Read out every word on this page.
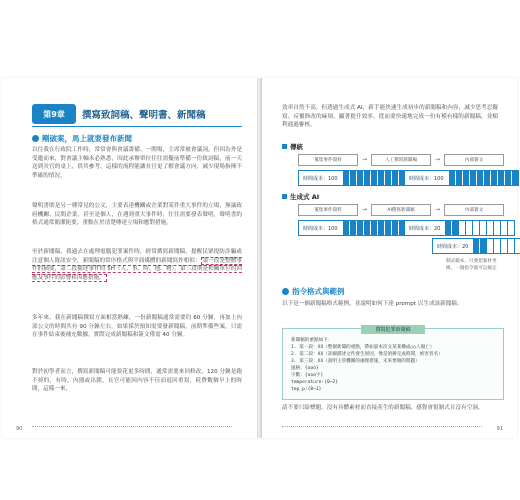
第9章	撰寫致詞稿、聲明書、新聞稿
剛破案，馬上就要發布新聞
以往我在行政院工作時，常常會與會議籌備、一開場，主席常被會議詞，但因為外是受邀而來，對會議主軸未必熟悉，因此承辦單位往往需擬前準備一份致詞稿，前一天送到長官的桌上，供其參考，這樣的流程能讓長官更了解會議方向，減少現場指揮不準確的情況。
聲明書則是另一種常見的公文，主要表達機關或企業對某件重大事件的立場，無論政府機關、民間企業，甚至是個人，在遇到重大事件時，往往需要發表聲明，聲明書的格式通常簡潔扼要，重點在於清楚傳達立場和應對措施。
至於新聞稿，我過去在處理電腦犯罪案件時，經常撰寫新聞稿，提醒民眾提防詐騙或注意個人資訊安全，新聞稿的常序格式與平面媒體的新聞寫作相似： 第一段是整體事件的摘要，第二段描述事件的 5H（人、事、時、地、物），第三段則是相關單位的回應及事件的影響和因應措施。
多年來，我在新聞稿撰寫方面相當熟練，一份新聞稿通常需要約 60 分鐘，再加上內部公文的時間共有 90 分鐘左右，如果採於預知需要發新聞稿，前期準備些案，只需在事件結束後補充數據，實際完成新聞稿和簽文僅需 40 分鐘。
對於初學者而言，撰寫新聞稿可能要花更多時間，通常需要來回修改，120 分鐘是跑不掉的，有時，內器或出錯，長官可能因內容不佳而退回重寫，耗費數個早上的時間，這樣一來，
90
效率自然不高，但透過生成式 AI，新手能快速生成初步的新聞稿和內容，減少思考忍擬寫、反覆修改的麻煩，顯著提升效率，從而要快速地完成一份有模有樣的新聞稿，並順利通過審核。
傳統
蒐集事件資料	→	人工撰寫新聞稿	→	內部簽文
時間成本：100	時間成本：100
生成式 AI
蒐集事件資料	→	AI撰寫新聞稿	→	內部簽文
時間成本：100	時間成本：20
時間成本：20
制式範本，只要把素材更換，一個指令就可以搞定
指令格式與範例
以下是一個新聞稿格式範例，並說明如何下達 prompt 以生成該新聞稿：
撰寫犯罪新聞稿
新聞稿的重點如下：
1. 第一段：XX（整個新聞的重點，帶如說本次文某某構成○○人傷亡）
2. 第二段：XX（詳細描述文件發生原因，像是偵辦完成時間，被害者名）
3. 第三段：XX（說明主管機關的處理措施，未來要做的問題）
風格：{ooo}
字數：{ooo字}
temperature:{0~2}
top_p:{0~1}
請不要只給標題，沒有具體素材而直接產生的新聞稿，感覺會很制式且沒有空洞。
91
